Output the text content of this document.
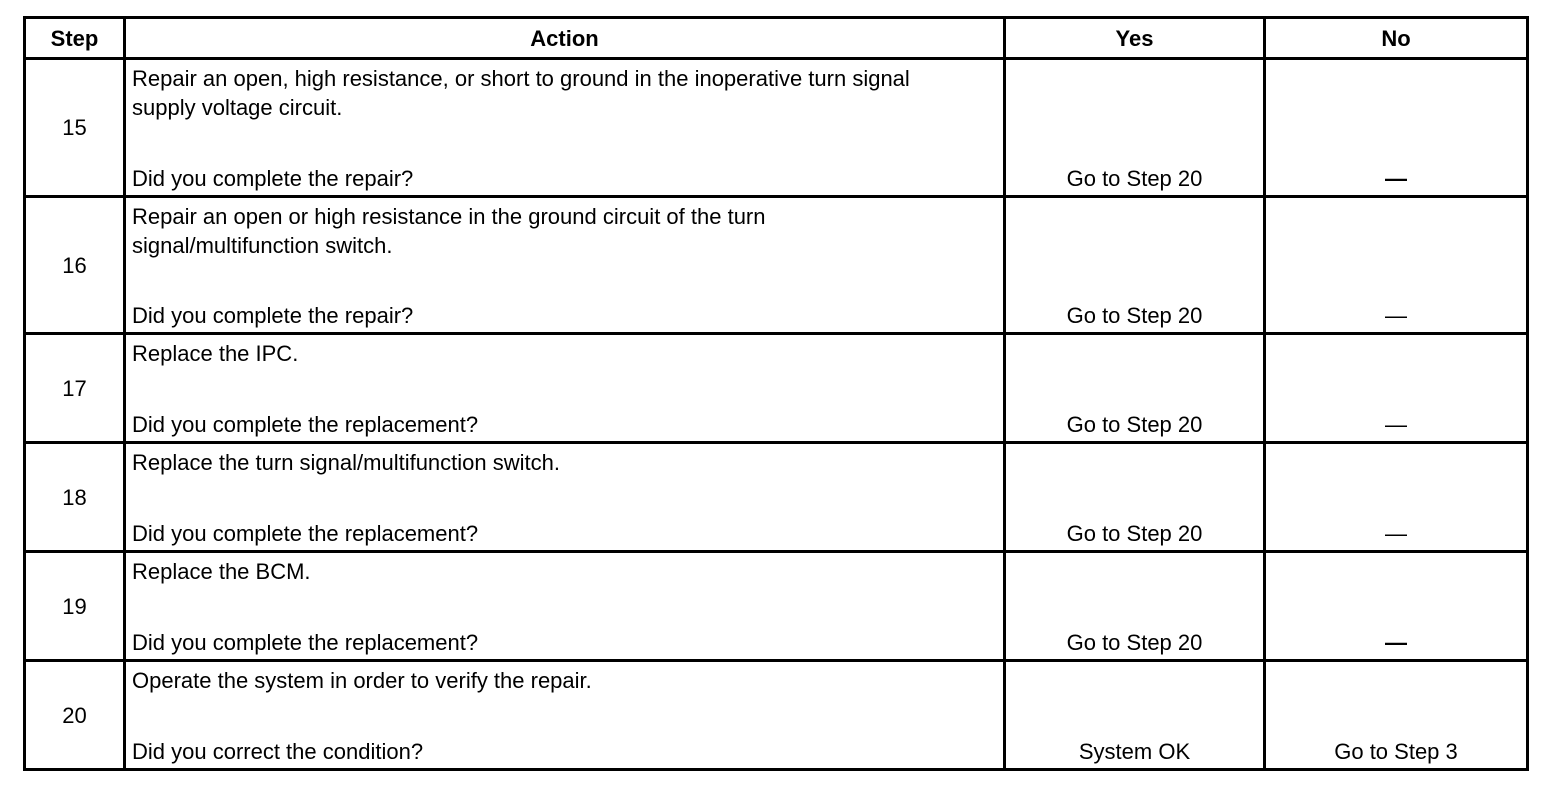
Step	Action	Yes	No
15	Repair an open, high resistance, or short to ground in the inoperative turn signal supply voltage circuit.
Did you complete the repair?	Go to Step 20	—
16	Repair an open or high resistance in the ground circuit of the turn signal/multifunction switch.
Did you complete the repair?	Go to Step 20	—
17	Replace the IPC.
Did you complete the replacement?	Go to Step 20	—
18	Replace the turn signal/multifunction switch.
Did you complete the replacement?	Go to Step 20	—
19	Replace the BCM.
Did you complete the replacement?	Go to Step 20	—
20	Operate the system in order to verify the repair.
Did you correct the condition?	System OK	Go to Step 3
